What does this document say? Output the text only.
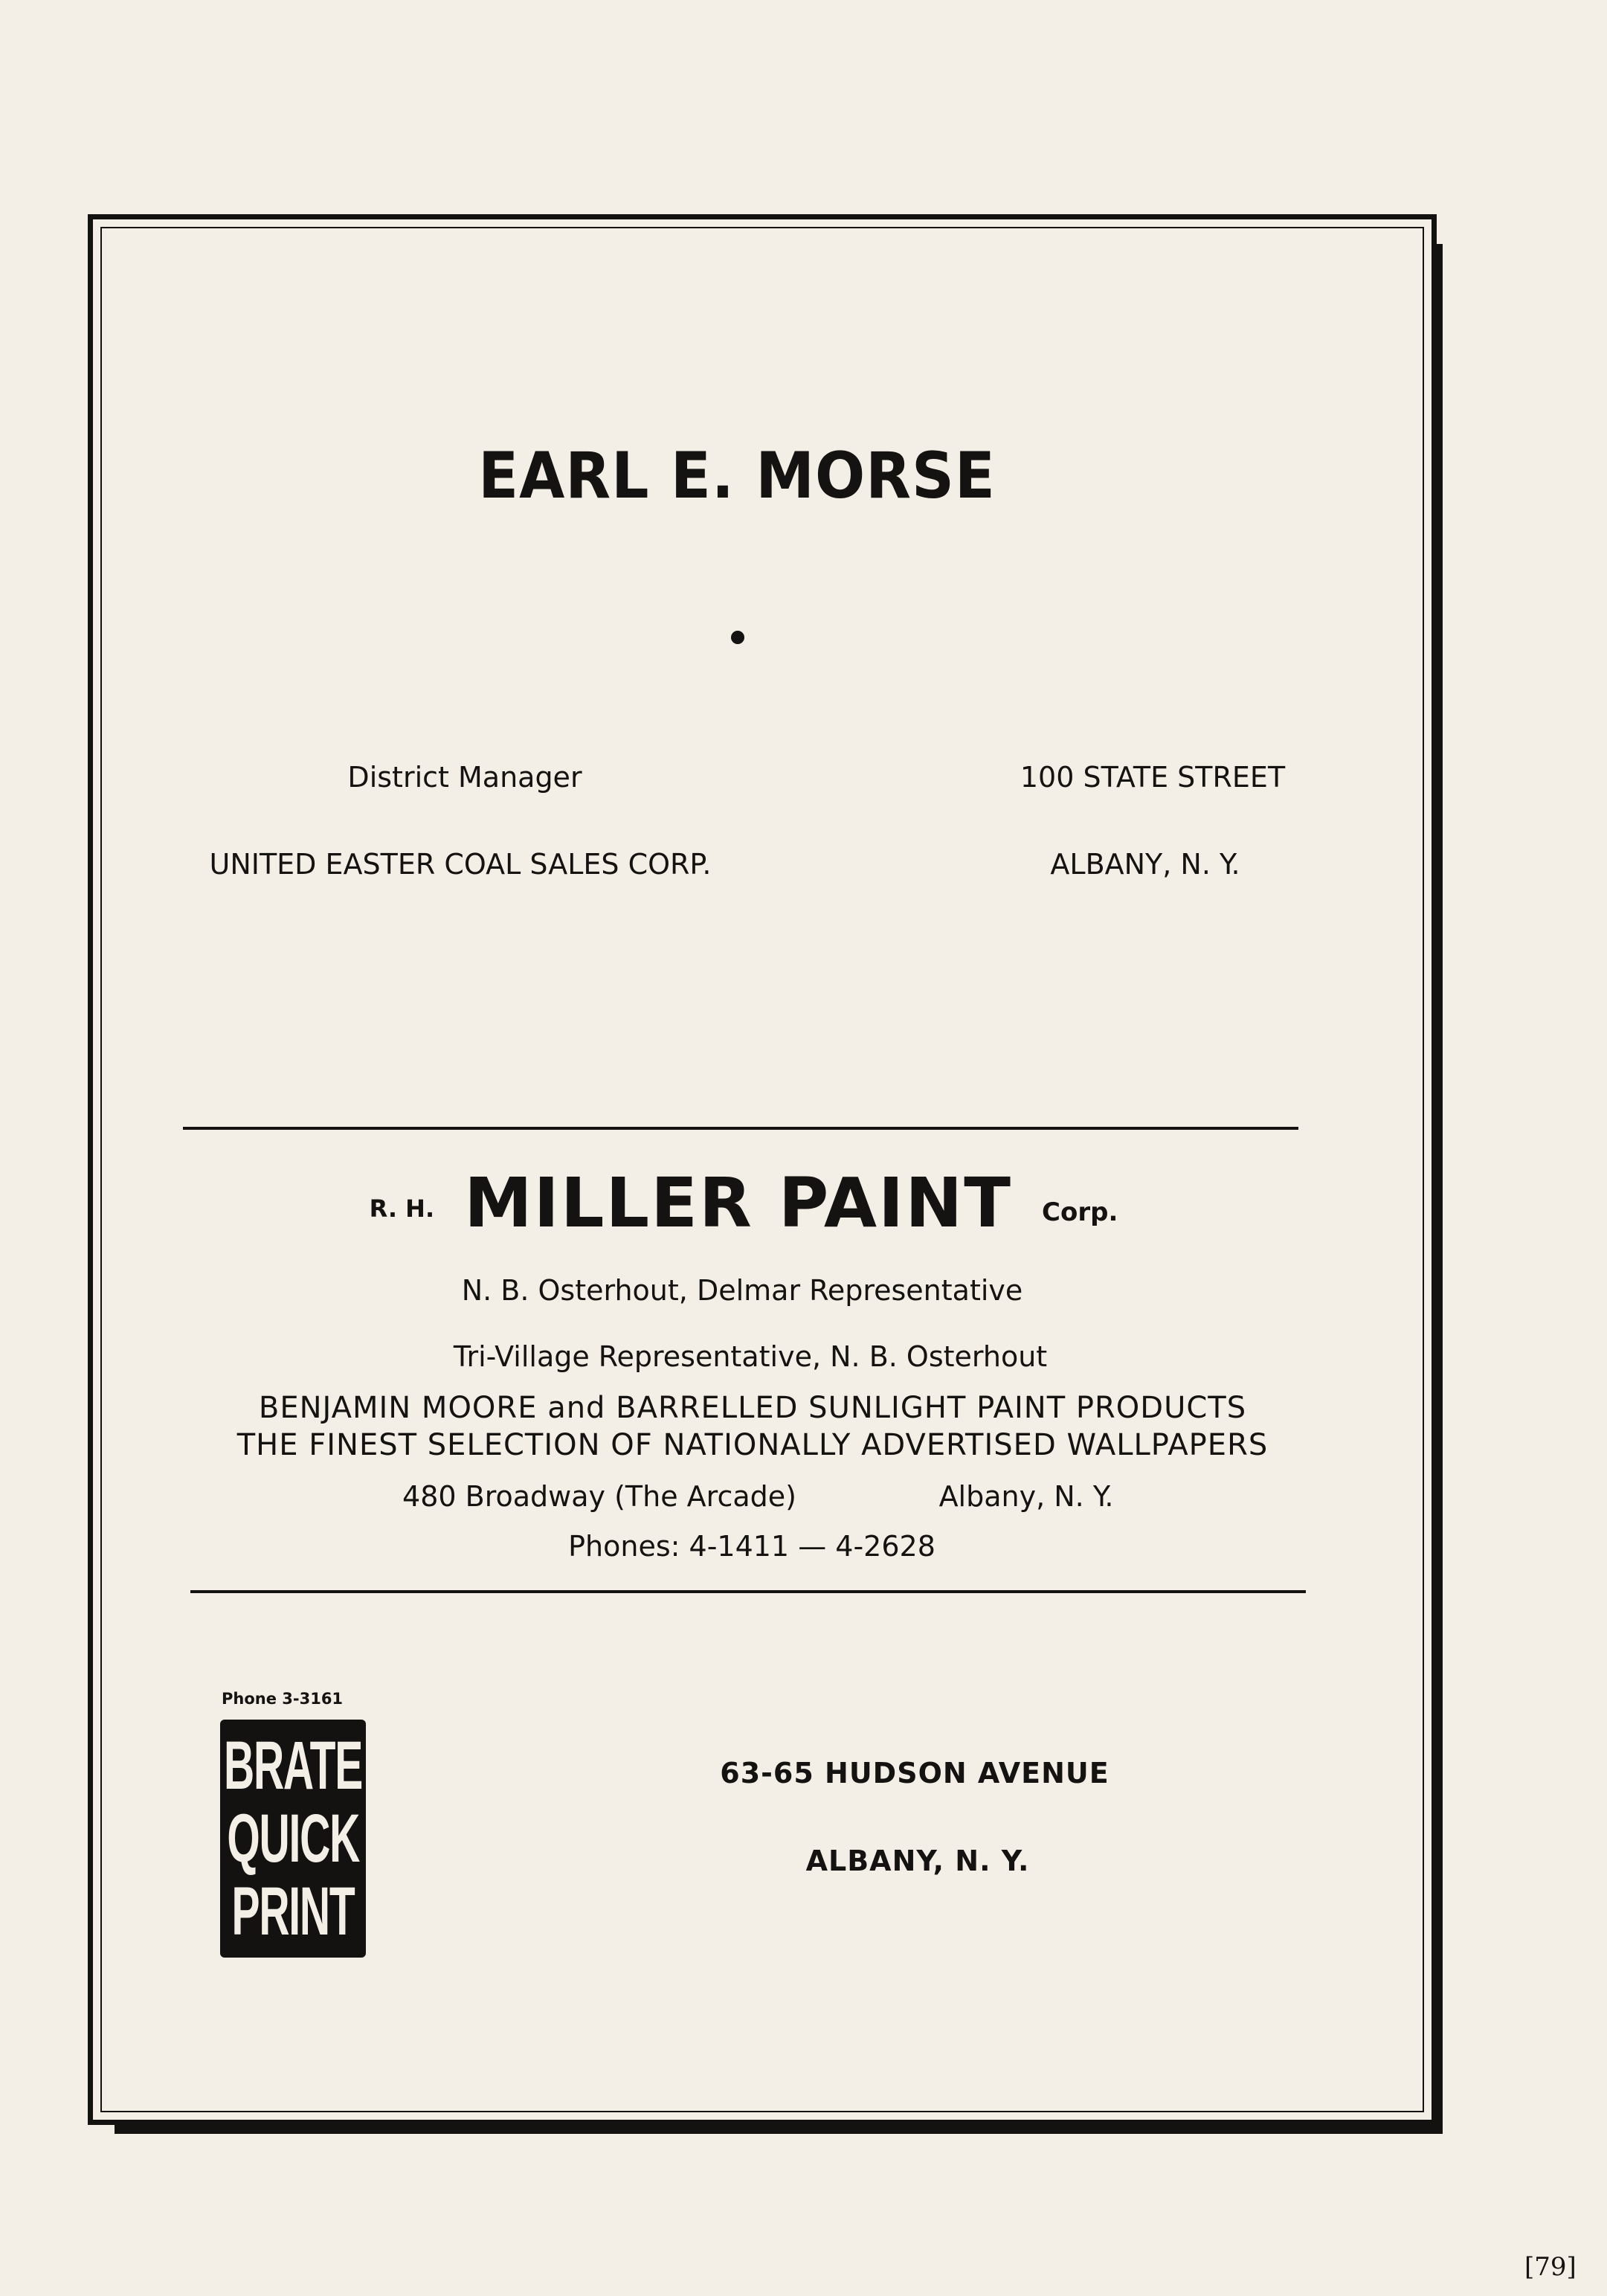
EARL E. MORSE
District Manager
UNITED EASTER COAL SALES CORP.
100 STATE STREET
ALBANY, N. Y.
R. H. MILLER PAINT Corp.
N. B. Osterhout, Delmar Representative
Tri-Village Representative, N. B. Osterhout
BENJAMIN MOORE and BARRELLED SUNLIGHT PAINT PRODUCTS
THE FINEST SELECTION OF NATIONALLY ADVERTISED WALLPAPERS
480 Broadway (The Arcade)	Albany, N. Y.
Phones: 4-1411 — 4-2628
Phone 3-3161
BRATE
QUICK
PRINT
63-65 HUDSON AVENUE
ALBANY, N. Y.
[79]
